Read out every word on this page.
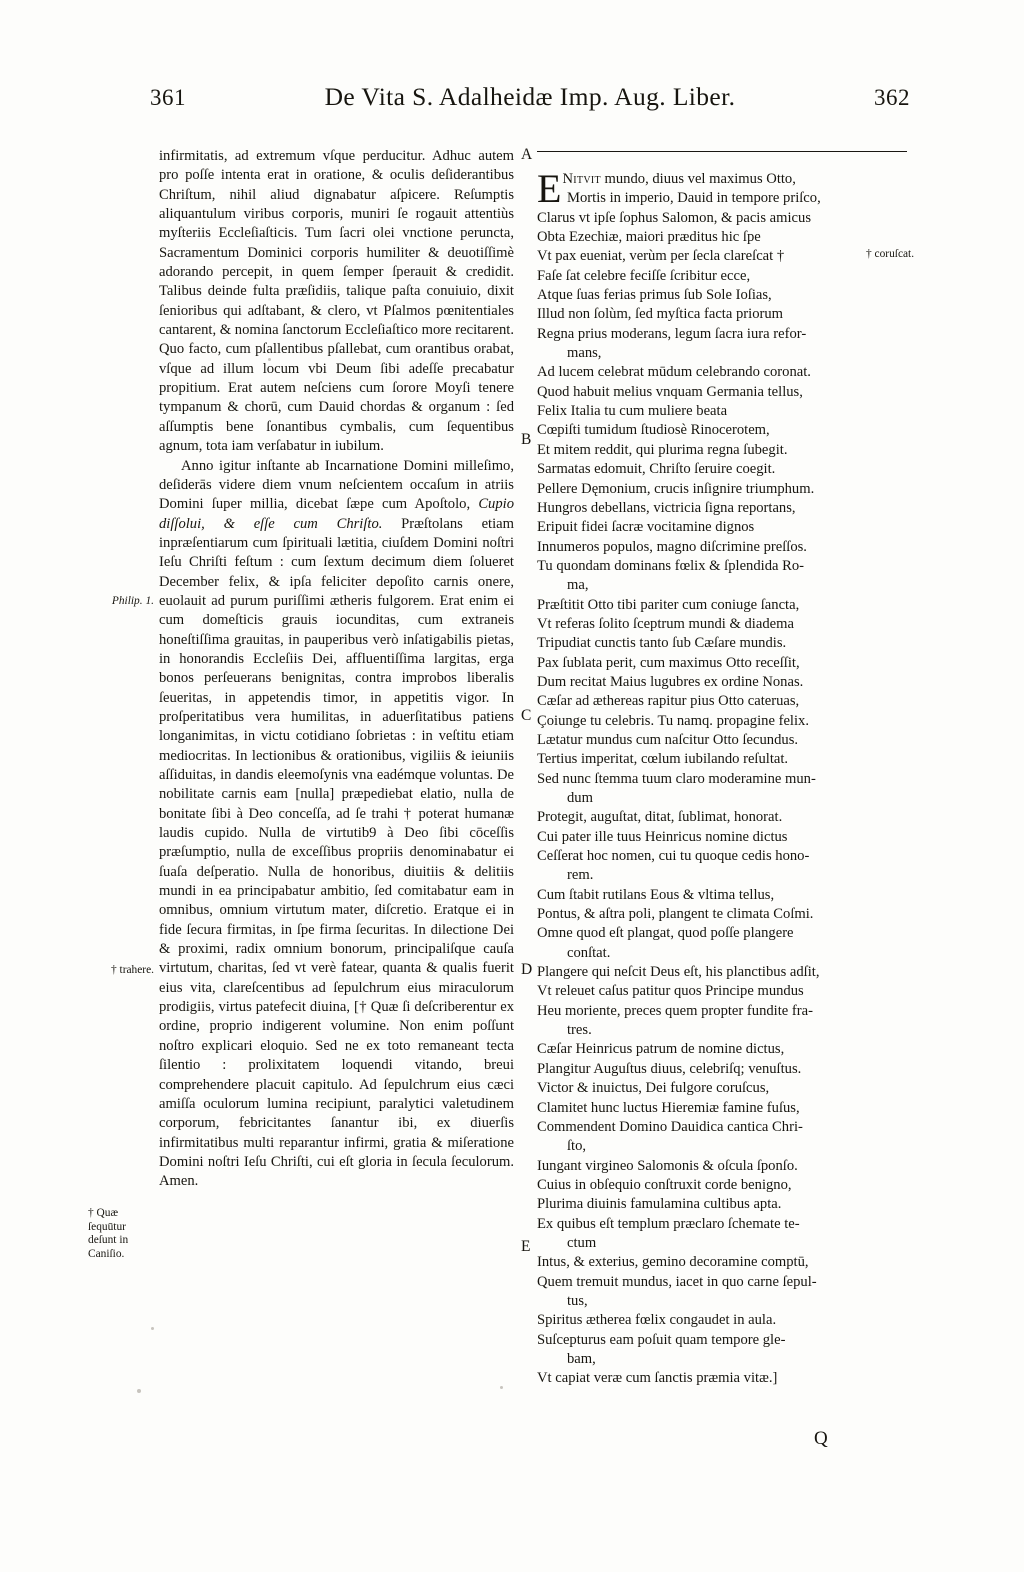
361	De Vita S. Adalheidæ Imp. Aug. Liber.	362
A
B
C
D
E
Philip. 1.
† trahere.
† Quæ ſequūtur deſunt in Caniſio.
† coruſcat.

infirmitatis, ad extremum vſque perducitur. Adhuc autem pro poſſe intenta erat in oratione, & oculis deſiderantibus Chriſtum, nihil aliud dignabatur aſpicere. Reſumptis aliquantulum viribus corporis, muniri ſe rogauit attentiùs myſteriis Eccleſiaſticis. Tum ſacri olei vnctione peruncta, Sacramentum Dominici corporis humiliter & deuotiſſimè adorando percepit, in quem ſemper ſperauit & credidit. Talibus deinde fulta præſidiis, talique paſta conuiuio, dixit ſenioribus qui adſtabant, & clero, vt Pſalmos pœnitentiales cantarent, & nomina ſanctorum Eccleſiaſtico more recitarent. Quo facto, cum pſallentibus pſallebat, cum orantibus orabat, vſque ad illum locum vbi Deum ſibi adeſſe precabatur propitium. Erat autem neſciens cum ſorore Moyſi tenere tympanum & chorū, cum Dauid chordas & organum : ſed aſſumptis bene ſonantibus cymbalis, cum ſequentibus agnum, tota iam verſabatur in iubilum.

Anno igitur inſtante ab Incarnatione Domini milleſimo, deſiderās videre diem vnum neſcientem occaſum in atriis Domini ſuper millia, dicebat ſæpe cum Apoſtolo, Cupio diſſolui, & eſſe cum Chriſto. Præſtolans etiam inpræſentiarum cum ſpirituali lætitia, ciuſdem Domini noſtri Ieſu Chriſti feſtum : cum ſextum decimum diem ſolueret December felix, & ipſa feliciter depoſito carnis onere, euolauit ad purum puriſſimi ætheris fulgorem. Erat enim ei cum domeſticis grauis iocunditas, cum extraneis honeſtiſſima grauitas, in pauperibus verò inſatigabilis pietas, in honorandis Eccleſiis Dei, affluentiſſima largitas, erga bonos perſeuerans benignitas, contra improbos liberalis ſeueritas, in appetendis timor, in appetitis vigor. In proſperitatibus vera humilitas, in aduerſitatibus patiens longanimitas, in victu cotidiano ſobrietas : in veſtitu etiam mediocritas. In lectionibus & orationibus, vigiliis & ieiuniis aſſiduitas, in dandis eleemoſynis vna eadémque voluntas. De nobilitate carnis eam [nulla] præpediebat elatio, nulla de bonitate ſibi à Deo conceſſa, ad ſe trahi † poterat humanæ laudis cupido. Nulla de virtutib9 à Deo ſibi cōceſſis præſumptio, nulla de exceſſibus propriis denominabatur ei ſuaſa deſperatio. Nulla de honoribus, diuitiis & delitiis mundi in ea principabatur ambitio, ſed comitabatur eam in omnibus, omnium virtutum mater, diſcretio. Eratque ei in fide ſecura firmitas, in ſpe firma ſecuritas. In dilectione Dei & proximi, radix omnium bonorum, principaliſque cauſa virtutum, charitas, ſed vt verè fatear, quanta & qualis fuerit eius vita, clareſcentibus ad ſepulchrum eius miraculorum prodigiis, virtus patefecit diuina, [† Quæ ſi deſcriberentur ex ordine, proprio indigerent volumine. Non enim poſſunt noſtro explicari eloquio. Sed ne ex toto remaneant tecta ſilentio : prolixitatem loquendi vitando, breui comprehendere placuit capitulo. Ad ſepulchrum eius cæci amiſſa oculorum lumina recipiunt, paralytici valetudinem corporum, febricitantes ſanantur ibi, ex diuerſis infirmitatibus multi reparantur infirmi, gratia & miſeratione Domini noſtri Ieſu Chriſti, cui eſt gloria in ſecula ſeculorum. Amen.

E Nitvit mundo, diuus vel maximus Otto,
Mortis in imperio, Dauid in tempore priſco,
Clarus vt ipſe ſophus Salomon, & pacis amicus
Obta Ezechiæ, maiori præditus hic ſpe
Vt pax eueniat, verùm per ſecla clareſcat †
Faſe ſat celebre feciſſe ſcribitur ecce,
Atque ſuas ferias primus ſub Sole Ioſias,
Illud non ſolùm, ſed myſtica facta priorum
Regna prius moderans, legum ſacra iura refor-
mans,
Ad lucem celebrat mūdum celebrando coronat.
Quod habuit melius vnquam Germania tellus,
Felix Italia tu cum muliere beata
Cœpiſti tumidum ſtudiosè Rinocerotem,
Et mitem reddit, qui plurima regna ſubegit.
Sarmatas edomuit, Chriſto ſeruire coegit.
Pellere Dęmonium, crucis inſignire triumphum.
Hungros debellans, victricia ſigna reportans,
Eripuit fidei ſacræ vocitamine dignos
Innumeros populos, magno diſcrimine preſſos.
Tu quondam dominans fœlix & ſplendida Ro-
ma,
Præſtitit Otto tibi pariter cum coniuge ſancta,
Vt referas ſolito ſceptrum mundi & diadema
Tripudiat cunctis tanto ſub Cæſare mundis.
Pax ſublata perit, cum maximus Otto receſſit,
Dum recitat Maius lugubres ex ordine Nonas.
Cæſar ad æthereas rapitur pius Otto cateruas,
Çoiunge tu celebris. Tu namq. propagine felix.
Lætatur mundus cum naſcitur Otto ſecundus.
Tertius imperitat, cœlum iubilando reſultat.
Sed nunc ſtemma tuum claro moderamine mun-
dum
Protegit, auguſtat, ditat, ſublimat, honorat.
Cui pater ille tuus Heinricus nomine dictus
Ceſſerat hoc nomen, cui tu quoque cedis hono-
rem.
Cum ſtabit rutilans Eous & vltima tellus,
Pontus, & aſtra poli, plangent te climata Coſmi.
Omne quod eſt plangat, quod poſſe plangere
conſtat.
Plangere qui neſcit Deus eſt, his planctibus adſit,
Vt releuet caſus patitur quos Principe mundus
Heu moriente, preces quem propter fundite fra-
tres.
Cæſar Heinricus patrum de nomine dictus,
Plangitur Auguſtus diuus, celebriſq; venuſtus.
Victor & inuictus, Dei fulgore coruſcus,
Clamitet hunc luctus Hieremiæ famine fuſus,
Commendent Domino Dauidica cantica Chri-
ſto,
Iungant virgineo Salomonis & oſcula ſponſo.
Cuius in obſequio conſtruxit corde benigno,
Plurima diuinis famulamina cultibus apta.
Ex quibus eſt templum præclaro ſchemate te-
ctum
Intus, & exterius, gemino decoramine comptū,
Quem tremuit mundus, iacet in quo carne ſepul-
tus,
Spiritus ætherea fœlix congaudet in aula.
Suſcepturus eam poſuit quam tempore gle-
bam,
Vt capiat veræ cum ſanctis præmia vitæ.]
Q
